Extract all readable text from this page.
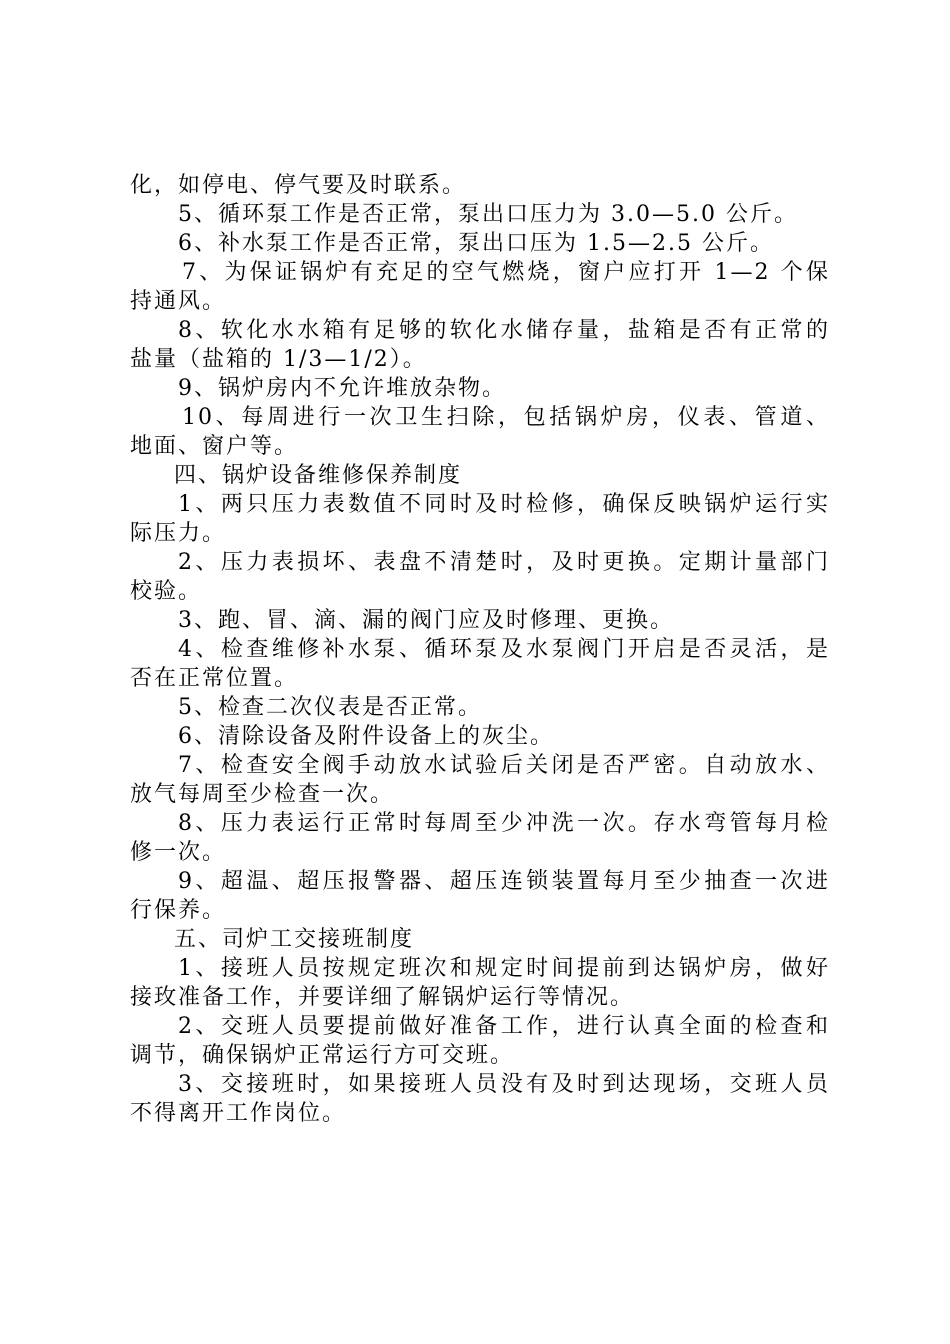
化，如停电、停气要及时联系。
5、循环泵工作是否正常，泵出口压力为 3.0—5.0 公斤。
6、补水泵工作是否正常，泵出口压为 1.5—2.5 公斤。
7、为保证锅炉有充足的空气燃烧，窗户应打开 1—2 个保
持通风。
8、软化水水箱有足够的软化水储存量，盐箱是否有正常的
盐量（盐箱的 1/3—1/2）。
9、锅炉房内不允许堆放杂物。
10、每周进行一次卫生扫除，包括锅炉房，仪表、管道、
地面、窗户等。
四、锅炉设备维修保养制度
1、两只压力表数值不同时及时检修，确保反映锅炉运行实
际压力。
2、压力表损坏、表盘不清楚时，及时更换。定期计量部门
校验。
3、跑、冒、滴、漏的阀门应及时修理、更换。
4、检查维修补水泵、循环泵及水泵阀门开启是否灵活，是
否在正常位置。
5、检查二次仪表是否正常。
6、清除设备及附件设备上的灰尘。
7、检查安全阀手动放水试验后关闭是否严密。自动放水、
放气每周至少检查一次。
8、压力表运行正常时每周至少冲洗一次。存水弯管每月检
修一次。
9、超温、超压报警器、超压连锁装置每月至少抽查一次进
行保养。
五、司炉工交接班制度
1、接班人员按规定班次和规定时间提前到达锅炉房，做好
接玫准备工作，并要详细了解锅炉运行等情况。
2、交班人员要提前做好准备工作，进行认真全面的检查和
调节，确保锅炉正常运行方可交班。
3、交接班时，如果接班人员没有及时到达现场，交班人员
不得离开工作岗位。
